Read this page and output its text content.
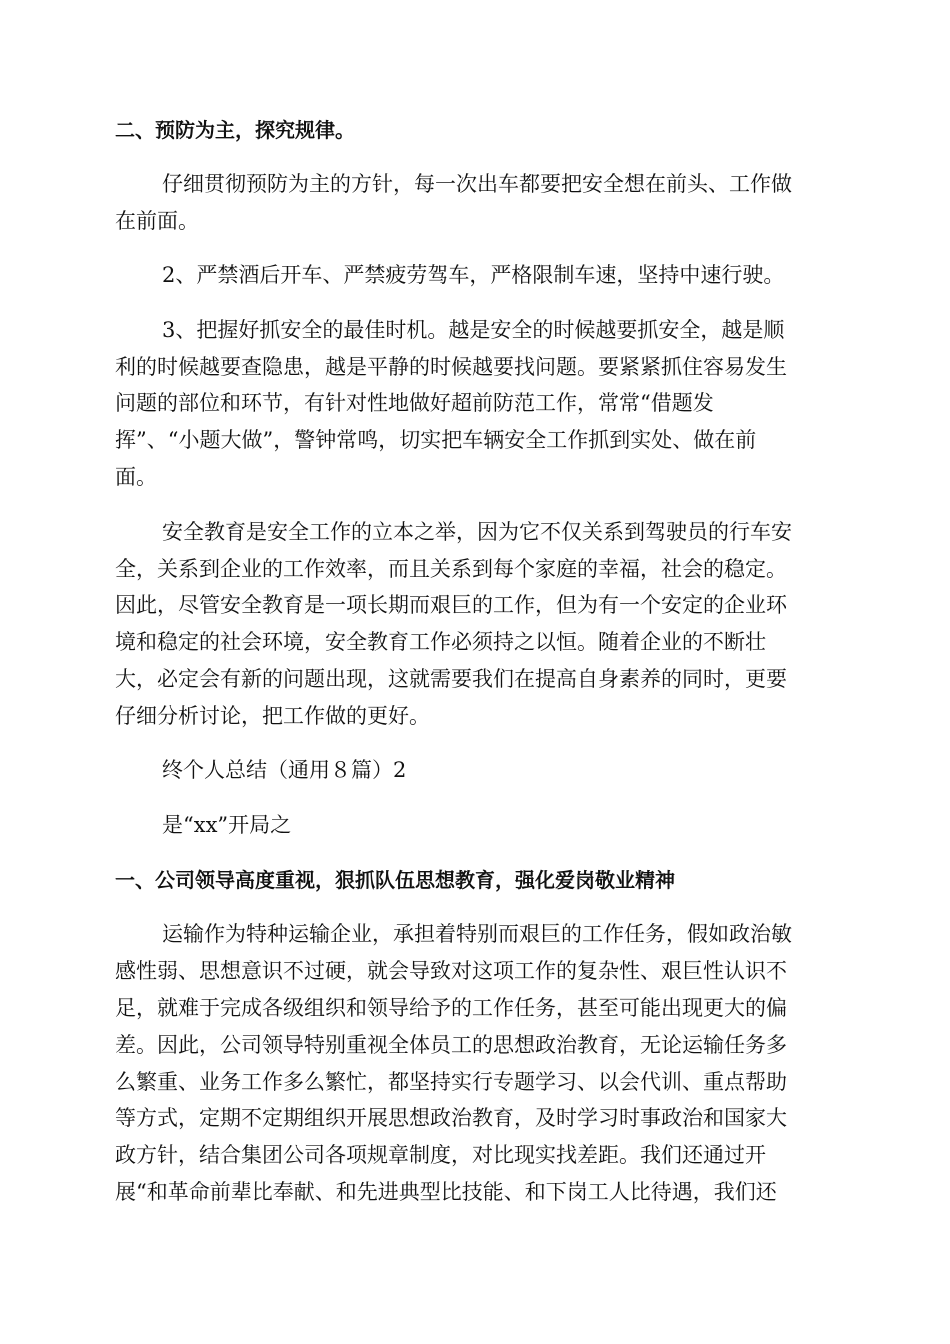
二、预防为主，探究规律。
仔细贯彻预防为主的方针，每一次出车都要把安全想在前头、工作做
在前面。
2、严禁酒后开车、严禁疲劳驾车，严格限制车速，坚持中速行驶。
3、把握好抓安全的最佳时机。越是安全的时候越要抓安全，越是顺
利的时候越要查隐患，越是平静的时候越要找问题。要紧紧抓住容易发生
问题的部位和环节，有针对性地做好超前防范工作，常常“借题发
挥”、“小题大做”，警钟常鸣，切实把车辆安全工作抓到实处、做在前
面。
安全教育是安全工作的立本之举，因为它不仅关系到驾驶员的行车安
全，关系到企业的工作效率，而且关系到每个家庭的幸福，社会的稳定。
因此，尽管安全教育是一项长期而艰巨的工作，但为有一个安定的企业环
境和稳定的社会环境，安全教育工作必须持之以恒。随着企业的不断壮
大，必定会有新的问题出现，这就需要我们在提高自身素养的同时，更要
仔细分析讨论，把工作做的更好。
终个人总结（通用８篇）2
是“xx”开局之
一、公司领导高度重视，狠抓队伍思想教育，强化爱岗敬业精神
运输作为特种运输企业，承担着特别而艰巨的工作任务，假如政治敏
感性弱、思想意识不过硬，就会导致对这项工作的复杂性、艰巨性认识不
足，就难于完成各级组织和领导给予的工作任务，甚至可能出现更大的偏
差。因此，公司领导特别重视全体员工的思想政治教育，无论运输任务多
么繁重、业务工作多么繁忙，都坚持实行专题学习、以会代训、重点帮助
等方式，定期不定期组织开展思想政治教育，及时学习时事政治和国家大
政方针，结合集团公司各项规章制度，对比现实找差距。我们还通过开
展“和革命前辈比奉献、和先进典型比技能、和下岗工人比待遇，我们还
